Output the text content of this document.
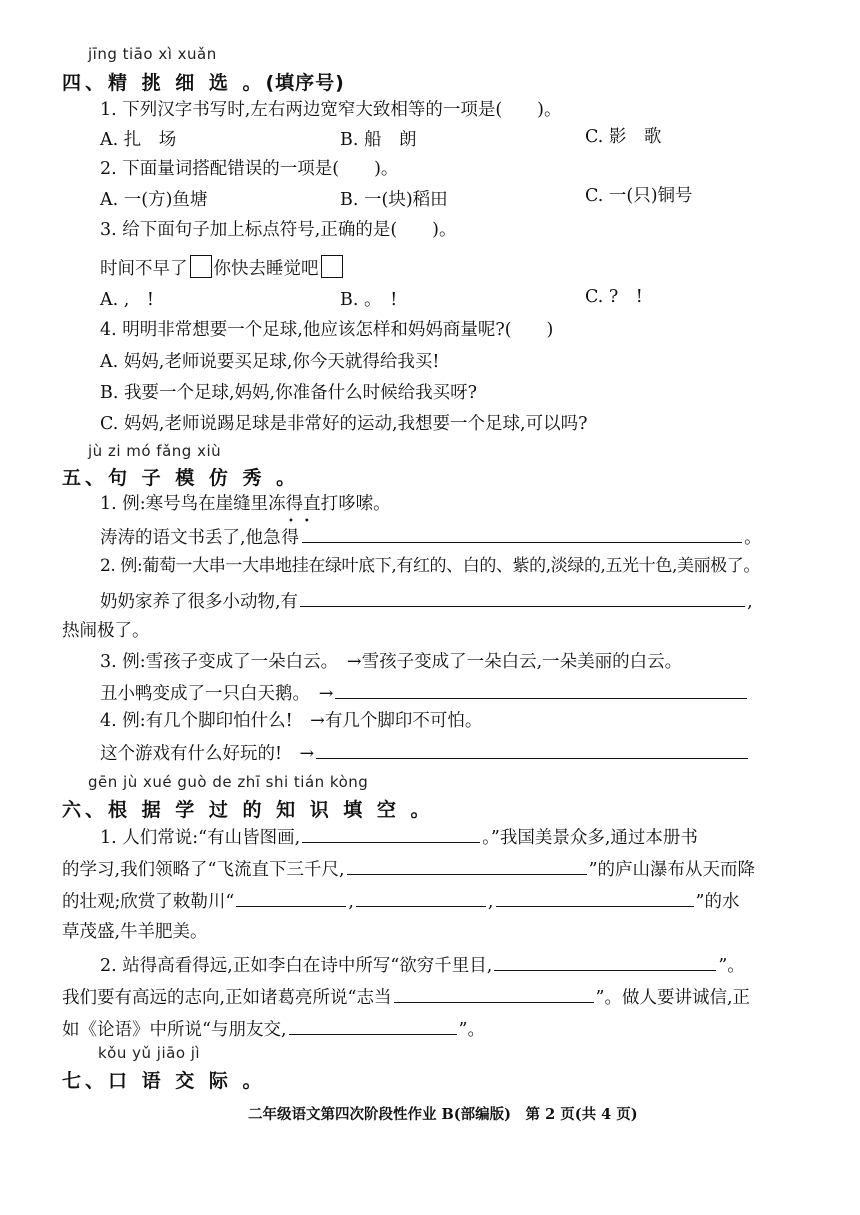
jīng tiāo xì xuǎn
四、精 挑 细 选 。(填序号)
1. 下列汉字书写时,左右两边宽窄大致相等的一项是(　　)。
A. 扎　场	B. 船　朗	C. 影　歌
2. 下面量词搭配错误的一项是(　　)。
A. 一(方)鱼塘	B. 一(块)稻田	C. 一(只)铜号
3. 给下面句子加上标点符号,正确的是(　　)。
时间不早了 你快去睡觉吧
A. ,　!	B. 。　!	C. ?　!
4. 明明非常想要一个足球,他应该怎样和妈妈商量呢?(　　)
A. 妈妈,老师说要买足球,你今天就得给我买!
B. 我要一个足球,妈妈,你准备什么时候给我买呀?
C. 妈妈,老师说踢足球是非常好的运动,我想要一个足球,可以吗?
jù zi mó fǎng xiù
五、句 子 模 仿 秀 。
1. 例:寒号鸟在崖缝里冻得直打哆嗦。
涛涛的语文书丢了,他急得	。
••
2. 例:葡萄一大串一大串地挂在绿叶底下,有红的、白的、紫的,淡绿的,五光十色,美丽极了。
奶奶家养了很多小动物,有	,
热闹极了。
3. 例:雪孩子变成了一朵白云。　→雪孩子变成了一朵白云,一朵美丽的白云。
丑小鸭变成了一只白天鹅。　→
4. 例:有几个脚印怕什么!　→有几个脚印不可怕。
这个游戏有什么好玩的!　→
gēn jù xué guò de zhī shi tián kòng
六、根 据 学 过 的 知 识 填 空 。
1. 人们常说:“有山皆图画,	。”我国美景众多,通过本册书
的学习,我们领略了“飞流直下三千尺,	”的庐山瀑布从天而降
的壮观;欣赏了敕勒川“	,	,	”的水
草茂盛,牛羊肥美。
2. 站得高看得远,正如李白在诗中所写“欲穷千里目,	”。
我们要有高远的志向,正如诸葛亮所说“志当	”。做人要讲诚信,正
如《论语》中所说“与朋友交,	”。
kǒu yǔ jiāo jì
七、口 语 交 际 。
二年级语文第四次阶段性作业 B(部编版)　第 2 页(共 4 页)
